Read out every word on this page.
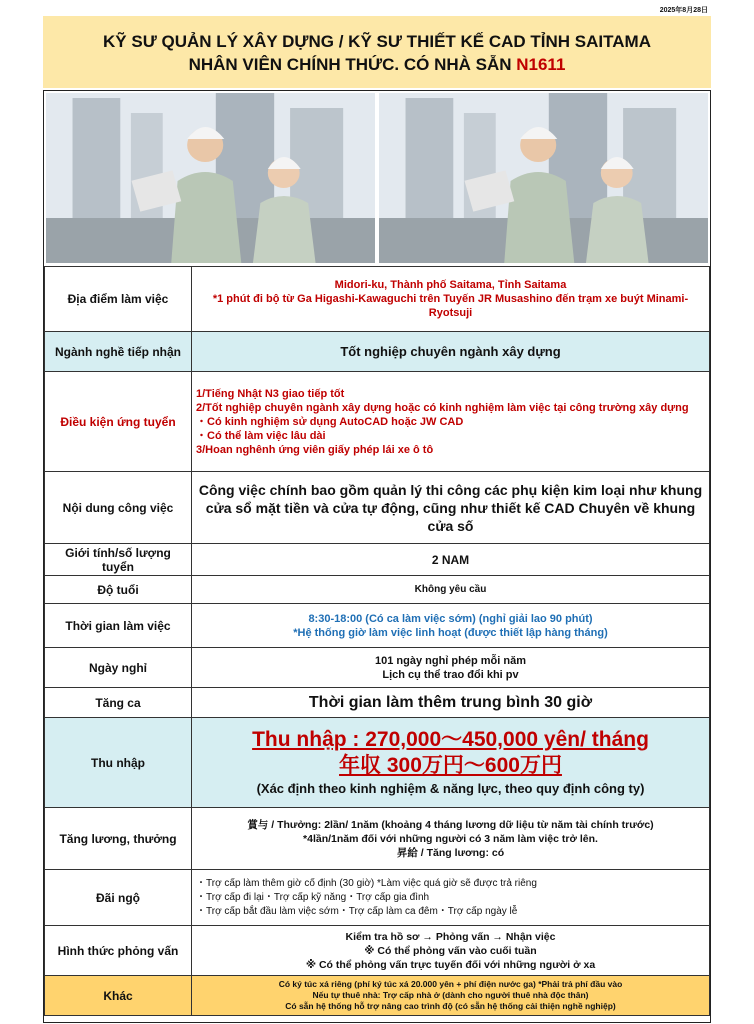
2025年8月28日
KỸ SƯ QUẢN LÝ XÂY DỰNG / KỸ SƯ THIẾT KẾ CAD TỈNH SAITAMA
NHÂN VIÊN CHÍNH THỨC. CÓ NHÀ SẴN N1611
Địa điểm làm việc	Midori-ku, Thành phố Saitama, Tỉnh Saitama
*1 phút đi bộ từ Ga Higashi-Kawaguchi trên Tuyến JR Musashino đến trạm xe buýt Minami-Ryotsuji

Ngành nghề tiếp nhận	Tốt nghiệp chuyên ngành xây dựng
Điều kiện ứng tuyển	1/Tiếng Nhật N3 giao tiếp tốt
2/Tốt nghiệp chuyên ngành xây dựng hoặc có kinh nghiệm làm việc tại công trường xây dựng
・Có kinh nghiệm sử dụng AutoCAD hoặc JW CAD
・Có thể làm việc lâu dài
3/Hoan nghênh ứng viên giấy phép lái xe ô tô

Nội dung công việc	Công việc chính bao gồm quản lý thi công các phụ kiện kim loại như khung cửa sổ mặt tiền và cửa tự động, cũng như thiết kế CAD Chuyên về khung cửa số
Giới tính/số lượng tuyển	2 NAM
Độ tuổi	Không yêu cầu
Thời gian làm việc	8:30-18:00 (Có ca làm việc sớm) (nghỉ giải lao 90 phút)
*Hệ thống giờ làm việc linh hoạt (được thiết lập hàng tháng)

Ngày nghỉ	101 ngày nghỉ phép mỗi năm
Lịch cụ thể trao đổi khi pv

Tăng ca	Thời gian làm thêm trung bình 30 giờ
Thu nhập	Thu nhập : 270,000～450,000 yên/ tháng
年収 300万円～600万円
(Xác định theo kinh nghiệm & năng lực, theo quy định công ty)

Tăng lương, thưởng	賞与 / Thưởng: 2lần/ 1năm (khoảng 4 tháng lương dữ liệu từ năm tài chính trước)
*4lần/1năm đối với những người có 3 năm làm việc trở lên.
昇給 / Tăng lương: có

Đãi ngộ	・Trợ cấp làm thêm giờ cố định (30 giờ) *Làm việc quá giờ sẽ được trả riêng
・Trợ cấp đi lại・Trợ cấp kỹ năng・Trợ cấp gia đình
・Trợ cấp bắt đầu làm việc sớm・Trợ cấp làm ca đêm・Trợ cấp ngày lễ

Hình thức phỏng vấn	Kiểm tra hồ sơ → Phỏng vấn → Nhận việc
※ Có thể phỏng vấn vào cuối tuần
※ Có thể phỏng vấn trực tuyến đối với những người ở xa

Khác	Có ký túc xá riêng (phí ký túc xá 20.000 yên + phí điện nước ga) *Phải trả phí đầu vào
Nếu tự thuê nhà: Trợ cấp nhà ở (dành cho người thuê nhà độc thân)
Có sẵn hệ thống hỗ trợ nâng cao trình độ (có sẵn hệ thống cải thiện nghề nghiệp)
